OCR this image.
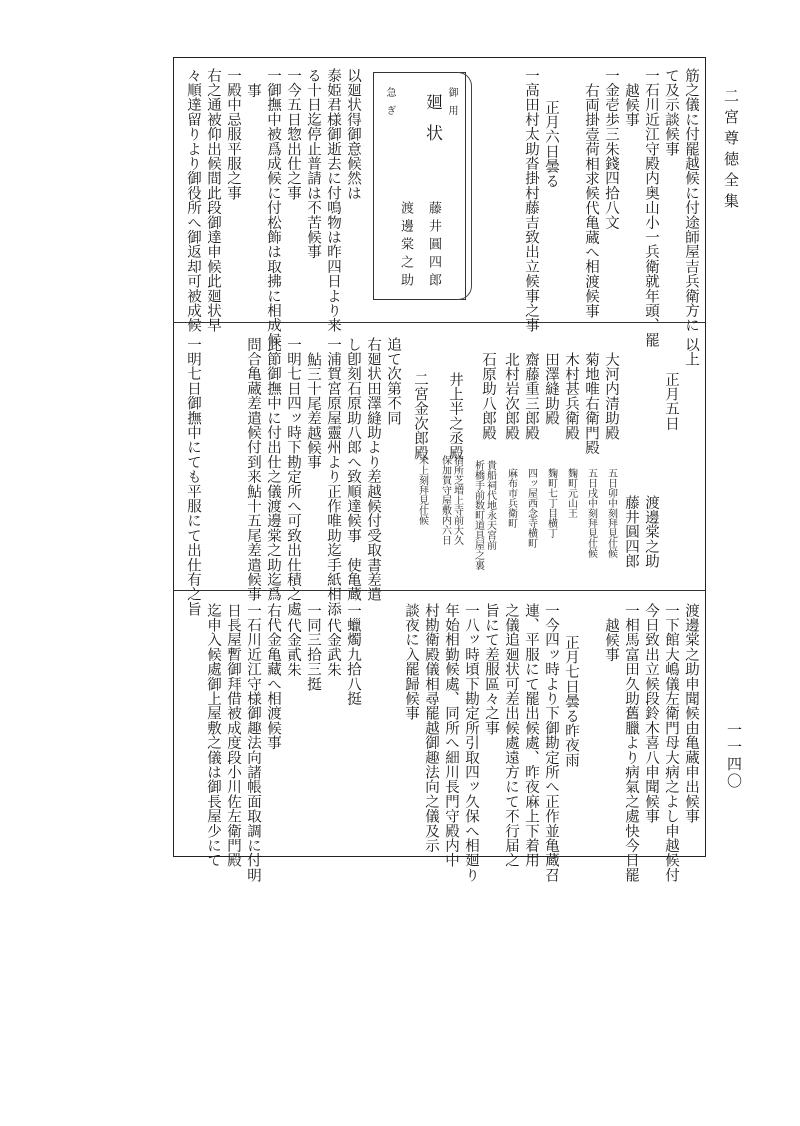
二宮尊徳全集
一一四〇
筋之儀に付罷越候に付途師屋吉兵衛方に
て及示談候事
一石川近江守殿内奥山小一兵衛就年頭、罷
越候事
一金壱歩三朱錢四拾八文
右両掛壹荷相求候代亀蔵へ相渡候事
正月六日曇る
一高田村太助沓掛村藤吉致出立候事之事
御用
廻状
急ぎ
藤井圓四郎
渡邊棠之助
以廻状得御意候然は
泰姫君様御逝去に付鳴物は昨四日より来
る十日迄停止普請は不苦候事
一今五日惣出仕之事
一御撫中被爲成候に付松飾は取拂に相成候
事
一殿中忌服平服之事
右之通被仰出候間此段御達申候此廻状早
々順達留りより御役所へ御返却可被成候
以上
正月五日
渡邊棠之助
藤井圓四郎
大河内清助殿
五日卯中刻拜見仕候
菊地唯右衛門殿
五日戌中刻拜見仕候
木村甚兵衛殿
麴町元山王
田澤縫助殿
麴町七丁目横丁
齋藤重三郎殿
四ッ屋西念寺横町
北村岩次郎殿
麻布市兵衛町
石原助八郎殿
貴船祠代地永天宮前
析橋手前数町道具屋之裏
井上半之丞殿
宿所芝増上寺前大久
保加賀守屋敷内六日
二宮金次郎殿
未上刻拜見仕候
追て次第不同
右廻状田澤縫助より差越候付受取書差遣
し卽刻石原助八郎へ致順達候事　使亀蔵
一浦賀宮原屋靈州より正作唯助迄手紙相添
鮎三十尾差越候事
一明七日四ッ時下勘定所へ可致出仕積之處
此節御撫中に付出仕之儀渡邊棠之助迄爲
問合亀蔵差遣候付到来鮎十五尾差遣候事
一明七日御撫中にても平服にて出仕有之旨
渡邊棠之助申聞候由亀蔵申出候事
一下館大嶋儀左衛門母大病之よし申越候付
今日致出立候段鈴木喜八申聞候事
一相馬富田久助舊臘より病氣之處快今日罷
越候事
正月七日曇る昨夜雨
一今四ッ時より下御勘定所へ正作並亀蔵召
連、平服にて罷出候處、昨夜麻上下着用
之儀追廻状可差出候處遠方にて不行届之
旨にて差服區々之事
一八ッ時頃下勘定所引取四ッ久保へ相廻り
年始相勤候處、同所へ細川長門守殿内中
村勘衛殿儀相尋罷越御趣法向之儀及示
談夜に入罷歸候事
一蠟燭九拾八挺
代金武朱
一同三拾三挺
代金貳朱
右代金亀藏へ相渡候事
一石川近江守様御趣法向諸帳面取調に付明
日長屋暫御拜借被成度段小川佐左衛門殿
迄申入候處御上屋敷之儀は御長屋少にて
